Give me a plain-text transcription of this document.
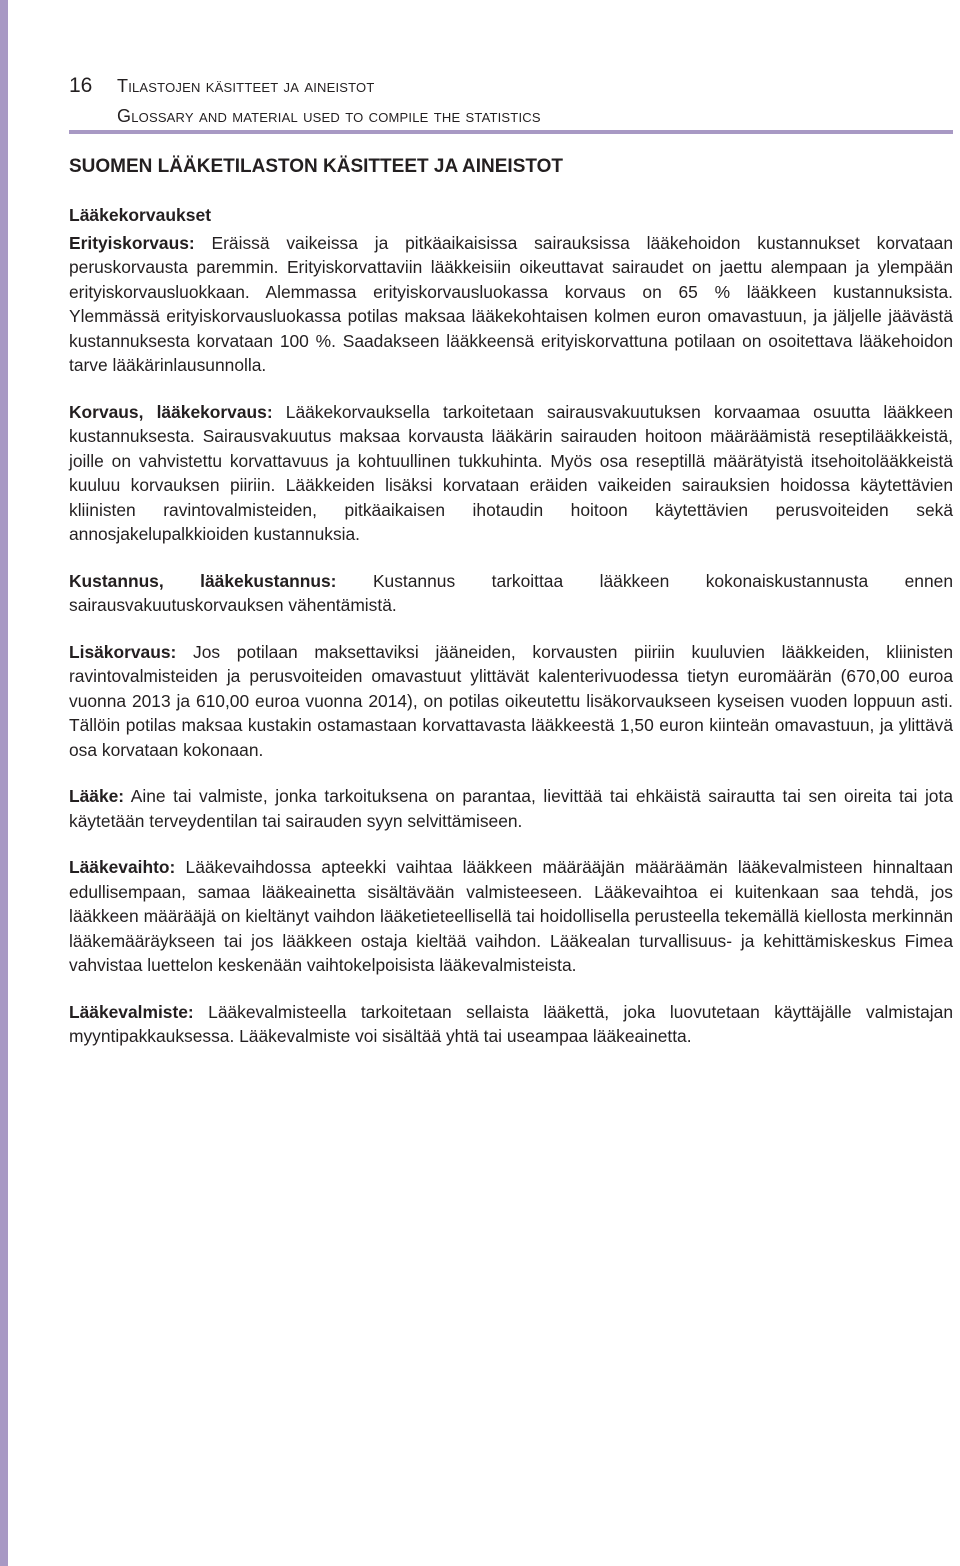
16	Tilastojen käsitteet ja aineistot
Glossary and material used to compile the statistics
SUOMEN LÄÄKETILASTON KÄSITTEET JA AINEISTOT
Lääkekorvaukset

Erityiskorvaus: Eräissä vaikeissa ja pitkäaikaisissa sairauksissa lääkehoidon kustannukset korvataan peruskorvausta paremmin. Erityiskorvattaviin lääkkeisiin oikeuttavat sairaudet on jaettu alempaan ja ylempään erityiskorvausluokkaan. Alemmassa erityiskorvausluokassa korvaus on 65 % lääkkeen kustannuksista. Ylemmässä erityiskorvausluokassa potilas maksaa lääkekohtaisen kolmen euron omavastuun, ja jäljelle jäävästä kustannuksesta korvataan 100 %. Saadakseen lääkkeensä erityiskorvattuna potilaan on osoitettava lääkehoidon tarve lääkärinlausunnolla.

Korvaus, lääkekorvaus: Lääkekorvauksella tarkoitetaan sairausvakuutuksen korvaamaa osuutta lääkkeen kustannuksesta. Sairausvakuutus maksaa korvausta lääkärin sairauden hoitoon määräämistä reseptilääkkeistä, joille on vahvistettu korvattavuus ja kohtuullinen tukkuhinta. Myös osa reseptillä määrätyistä itsehoitolääkkeistä kuuluu korvauksen piiriin. Lääkkeiden lisäksi korvataan eräiden vaikeiden sairauksien hoidossa käytettävien kliinisten ravintovalmisteiden, pitkäaikaisen ihotaudin hoitoon käytettävien perusvoiteiden sekä annosjakelupalkkioiden kustannuksia.

Kustannus, lääkekustannus: Kustannus tarkoittaa lääkkeen kokonaiskustannusta ennen sairausvakuutuskorvauksen vähentämistä.

Lisäkorvaus: Jos potilaan maksettaviksi jääneiden, korvausten piiriin kuuluvien lääkkeiden, kliinisten ravintovalmisteiden ja perusvoiteiden omavastuut ylittävät kalenterivuodessa tietyn euromäärän (670,00 euroa vuonna 2013 ja 610,00 euroa vuonna 2014), on potilas oikeutettu lisäkorvaukseen kyseisen vuoden loppuun asti. Tällöin potilas maksaa kustakin ostamastaan korvattavasta lääkkeestä 1,50 euron kiinteän omavastuun, ja ylittävä osa korvataan kokonaan.

Lääke: Aine tai valmiste, jonka tarkoituksena on parantaa, lievittää tai ehkäistä sairautta tai sen oireita tai jota käytetään terveydentilan tai sairauden syyn selvittämiseen.

Lääkevaihto: Lääkevaihdossa apteekki vaihtaa lääkkeen määrääjän määräämän lääkevalmisteen hinnaltaan edullisempaan, samaa lääkeainetta sisältävään valmisteeseen. Lääkevaihtoa ei kuitenkaan saa tehdä, jos lääkkeen määrääjä on kieltänyt vaihdon lääketieteellisellä tai hoidollisella perusteella tekemällä kiellosta merkinnän lääkemääräykseen tai jos lääkkeen ostaja kieltää vaihdon. Lääkealan turvallisuus- ja kehittämiskeskus Fimea vahvistaa luettelon keskenään vaihtokelpoisista lääkevalmisteista.

Lääkevalmiste: Lääkevalmisteella tarkoitetaan sellaista lääkettä, joka luovutetaan käyttäjälle valmistajan myyntipakkauksessa. Lääkevalmiste voi sisältää yhtä tai useampaa lääkeainetta.
